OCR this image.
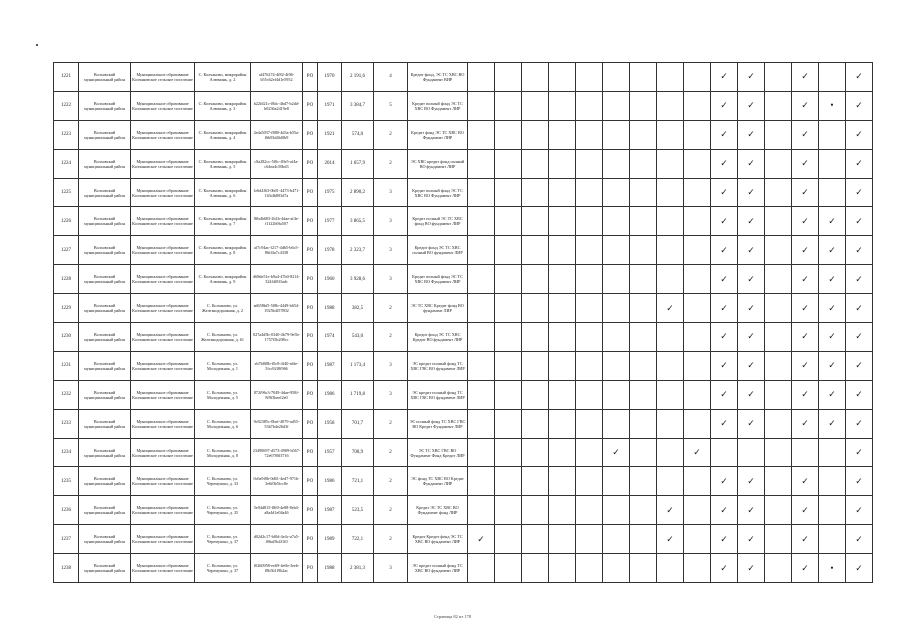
1221	Волховский муниципальный район	Муниципальное образование Колчановское сельское поселение	С. Колчаново, микрорайон Алюминь, д. 2	af476274-4f82-4f06-b55c62ef4d1e5952	РО	1970	2 191,6	4	Кредит фонд, ЭС ТС ХВС ВО Фундамент ВИР										✓	✓		✓		✓
1222	Волховский муниципальный район	Муниципальное образование Колчановское сельское поселение	С. Колчаново, микрорайон Алюминь, д. 3	b22fd21c-f8dc-4bd7-b2dd-b0236a2419e8	РО	1971	3 384,7	5	Кредит полный фонд ЭС ТС ХВС ВО Фундамент ЛИР										✓	✓		✓	•	✓
1223	Волховский муниципальный район	Муниципальное образование Колчановское сельское поселение	С. Колчаново, микрорайон Алюминь, д. 4	2eda5037-f880-4d3a-b55a-f6b93d4bf0b9	РО	1921	574,0	2	Кредит фонд ЭС ТС ХВС ВО Фундамент ЛИР										✓	✓		✓		✓
1224	Волховский муниципальный район	Муниципальное образование Колчановское сельское поселение	С. Колчаново, микрорайон Алюминь, д. 5	c8a282cc-5f0c-49e5-af4a-c64ea4c50bd3	РО	2014	1 657,9	2	ЭС ХВС кредит фонд полный ВО фундамент ЛИР										✓	✓		✓		✓
1225	Волховский муниципальный район	Муниципальное образование Колчановское сельское поселение	С. Колчаново, микрорайон Алюминь, д. 6	1e6d4f63-0b01-4473-b471-f1fb4b803d7a	РО	1975	2 890,2	3	Кредит полный фонд ЭС ТС ХВС ВО Фундамент ЛИР										✓	✓		✓		✓
1226	Волховский муниципальный район	Муниципальное образование Колчановское сельское поселение	С. Колчаново, микрорайон Алюминь, д. 7	8fbdb683-2b1b-4dae-af4e-f1122b9fa507	РО	1977	3 865,5	3	Кредит полный ЭС ТС ХВС фонд ВО фундамент ЛИР										✓	✓		✓	✓	✓
1227	Волховский муниципальный район	Муниципальное образование Колчановское сельское поселение	С. Колчаново, микрорайон Алюминь, д. 8	af7c94ac-f217-4d65-b6c5-86f4fa7c4338	РО	1978	2 323,7	3	Кредит фонд ЭС ТС ХВС полный ВО фундамент ЛИР										✓	✓		✓	✓	✓
1228	Волховский муниципальный район	Муниципальное образование Колчановское сельское поселение	С. Колчаново, микрорайон Алюминь, д. 9	d68de51e-b9a4-47b0-8214-324f4f8f3adc	РО	1960	3 928,6	3	Кредит полный фонд ЭС ТС ХВС ВО Фундамент ЛИР										✓	✓		✓	✓	✓
1229	Волховский муниципальный район	Муниципальное образование Колчановское сельское поселение	С. Колчаново, ул. Железнодорожная, д. 2	ad658bf5-5f8b-4449-b654-1925b4f57802	РО	1988	382,5	2	ЭС ТС ХВС Кредит фонд ВО фундамент ЛИР								✓		✓	✓		✓	✓	✓
1230	Волховский муниципальный район	Муниципальное образование Колчановское сельское поселение	С. Колчаново, ул. Железнодорожная, д. 61	027a4d5b-0340-4b79-9e5b-1757f5b208cc	РО	1974	543,0	2	Кредит фонд ЭС ТС ХВС Кредит ВО фундамент ЛИР										✓	✓		✓	✓	✓
1231	Волховский муниципальный район	Муниципальное образование Колчановское сельское поселение	С. Колчаново, ул. Молодежная, д. 1	eb7b8f8b-f0c8-4f40-a6fe-5fcc92f8f966	РО	1987	1 173,4	3	ЭС кредит полный фонд ТС ХВС ГВС ВО фундамент ЛИР										✓	✓		✓	✓	✓
1232	Волховский муниципальный район	Муниципальное образование Колчановское сельское поселение	С. Колчаново, ул. Молодежная, д. 5	872f96c3-7049-4dae-958f-8f9f3beef2e0	РО	1986	1 719,8	3	ЭС кредит полный фонд ТС ХВС ГВС ВО фундамент ЛИР										✓	✓		✓	✓	✓
1233	Волховский муниципальный район	Муниципальное образование Колчановское сельское поселение	С. Колчаново, ул. Молодежная, д. 6	9c82385c-0bef-4079-ad55-53b7b4e26d3f	РО	1958	701,7	2	ЭС полный фонд ТС ХВС ГВС ВО Кредит Фундамент ЛИР										✓	✓		✓	✓	✓
1234	Волховский муниципальный район	Муниципальное образование Колчановское сельское поселение	С. Колчаново, ул. Молодежная, д. 8	23490697-d573-4989-b567-72e6780f3716	РО	1957	708,9	2	ЭС ТС ХВС ГВС ВО Фундамент Фонд Кредит ЛИР						✓			✓						✓
1235	Волховский муниципальный район	Муниципальное образование Колчановское сельское поселение	С. Колчаново, ул. Черемушки, д. 33	0c0a9f0b-0d61-4ed7-971b-3e6f0b5fcc8e	РО	1986	721,1	2	ЭС фонд ТС ХВС ВО Кредит Фундамент ЛИР										✓	✓		✓		✓
1236	Волховский муниципальный район	Муниципальное образование Колчановское сельское поселение	С. Колчаново, ул. Черемушки, д. 35	5e04d815-f8f0-4e88-8eb4-a8a4d1e04a46	РО	1987	523,5	2	Кредит ЭС ТС ХВС ВО Фундамент фонд ЛИР								✓		✓	✓		✓		✓
1237	Волховский муниципальный район	Муниципальное образование Колчановское сельское поселение	С. Колчаново, ул. Черемушки, д. 37	d02d2c17-bf0d-4e4c-a7a5-f06af5b4f1f0	РО	1989	722,1	2	Кредит Кредит фонд ЭС ТС ХВС ВО фундамент ЛИР	✓							✓		✓	✓		✓		✓
1238	Волховский муниципальный район	Муниципальное образование Колчановское сельское поселение	С. Колчаново, ул. Черемушки, д. 37	f0260958-ee69-4e6b-3eeb-f8b5b1f9b2ac	РО	1988	2 381,3	3	ЭС кредит полный фонд ТС ХВС ВО фундамент ЛИР										✓	✓		✓	•	✓
Страница 82 из 178
